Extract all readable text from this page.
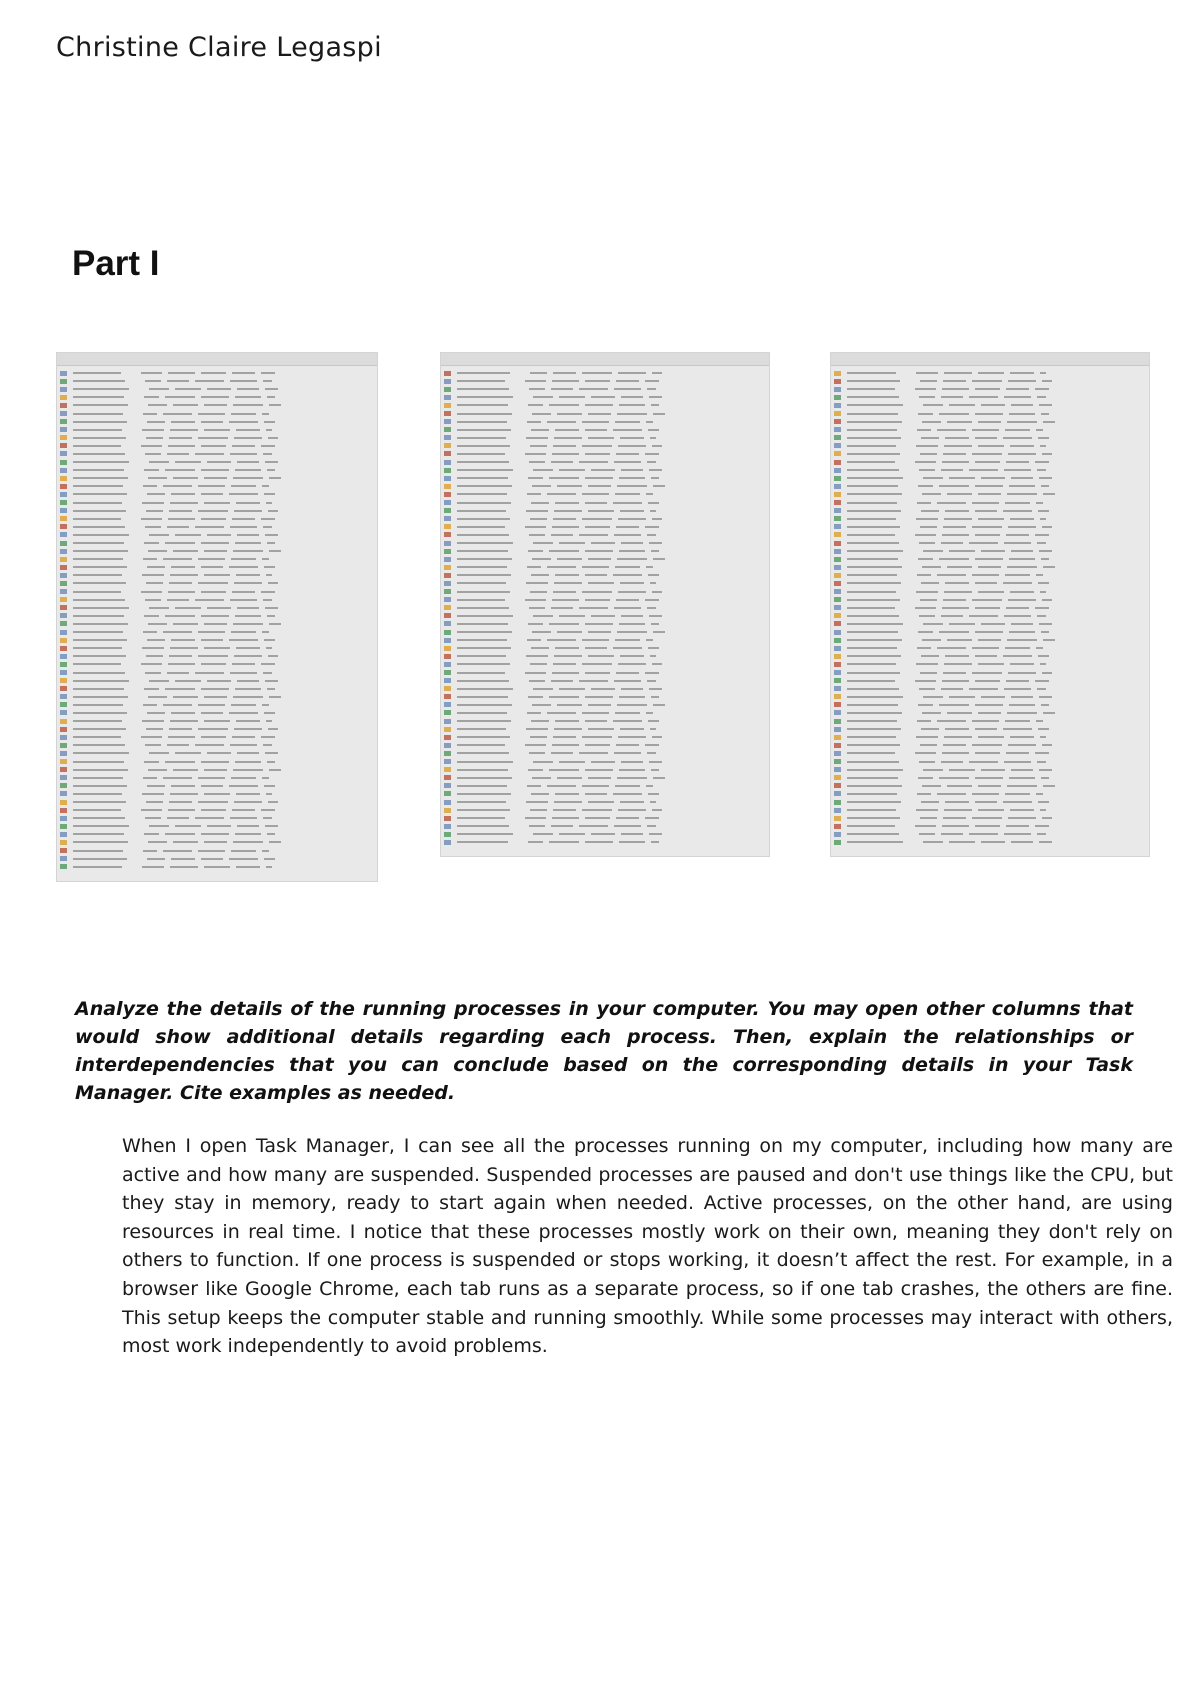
Christine Claire Legaspi
Part I
Analyze the details of the running processes in your computer. You may open other columns that would show additional details regarding each process. Then, explain the relationships or interdependencies that you can conclude based on the corresponding details in your Task Manager. Cite examples as needed.
When I open Task Manager, I can see all the processes running on my computer, including how many are active and how many are suspended. Suspended processes are paused and don't use things like the CPU, but they stay in memory, ready to start again when needed. Active processes, on the other hand, are using resources in real time. I notice that these processes mostly work on their own, meaning they don't rely on others to function. If one process is suspended or stops working, it doesn’t affect the rest. For example, in a browser like Google Chrome, each tab runs as a separate process, so if one tab crashes, the others are fine. This setup keeps the computer stable and running smoothly. While some processes may interact with others, most work independently to avoid problems.
